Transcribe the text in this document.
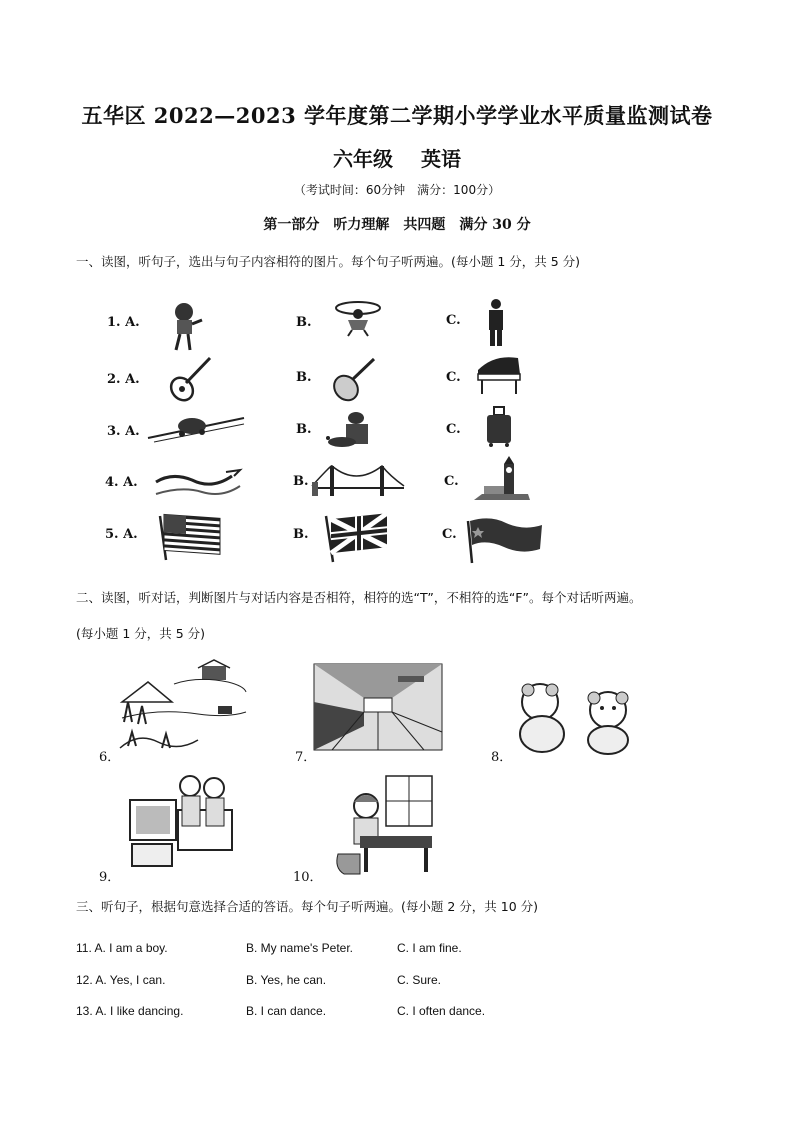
五华区 2022—2023 学年度第二学期小学学业水平质量监测试卷
六年级 英语
（考试时间：60分钟　满分：100分）
第一部分　听力理解　共四题　满分 30 分
一、读图，听句子，选出与句子内容相符的图片。每个句子听两遍。(每小题 1 分，共 5 分)
1. A.	B.	C.
2. A.	B.	C.
3. A.	B.	C.
4. A.	B.	C.
5. A.	B.	C.
二、读图，听对话，判断图片与对话内容是否相符，相符的选“T”，不相符的选“F”。每个对话听两遍。
(每小题 1 分，共 5 分)
6．	7．	8．
9．	10．
三、听句子，根据句意选择合适的答语。每个句子听两遍。(每小题 2 分，共 10 分)
11. A. I am a boy.	B. My name's Peter.	C. I am fine.
12. A. Yes, I can.	B. Yes, he can.	C. Sure.
13. A. I like dancing.	B. I can dance.	C. I often dance.
